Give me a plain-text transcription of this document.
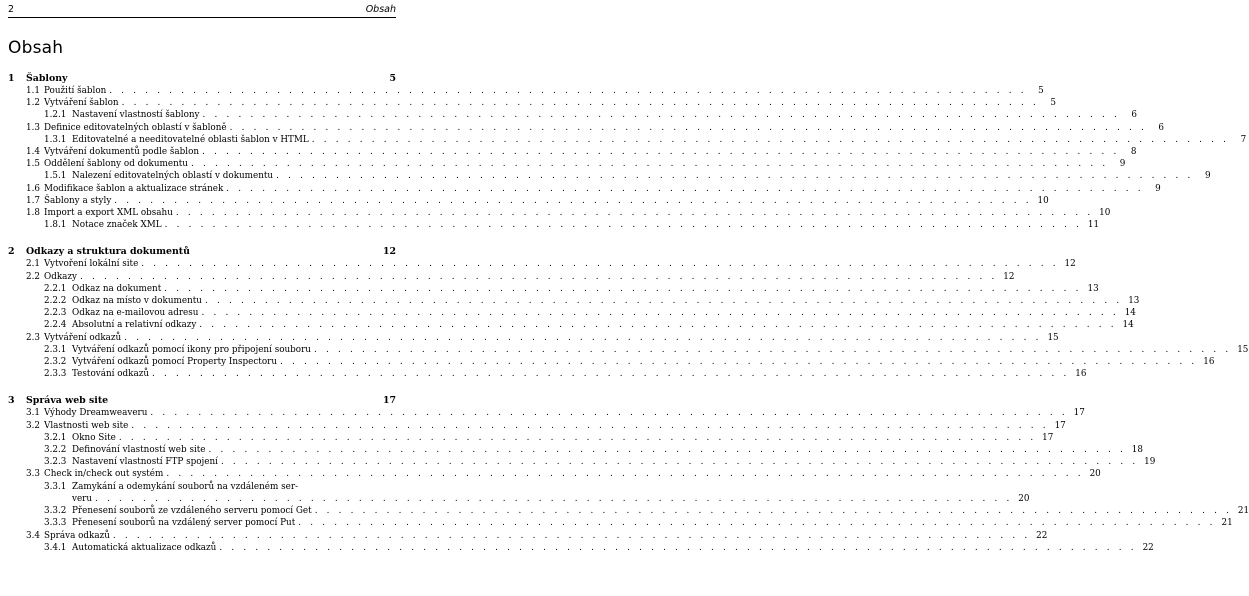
2	Obsah
Obsah
1	Šablony	5
1.1 Použití šablon . . .	5
1.2 Vytváření šablon . . .	5
1.2.1 Nastavení vlastností šablony . . .	6
1.3 Definice editovatelných oblastí v šabloně . . .	6
1.3.1 Editovatelné a needitovatelné oblasti šablon v HTML . . .	7
1.4 Vytváření dokumentů podle šablon . . .	8
1.5 Oddělení šablony od dokumentu . . .	9
1.5.1 Nalezení editovatelných oblastí v dokumentu . . .	9
1.6 Modifikace šablon a aktualizace stránek . . .	9
1.7 Šablony a styly . . .	10
1.8 Import a export XML obsahu . . .	10
1.8.1 Notace značek XML . . .	11
2	Odkazy a struktura dokumentů	12
2.1 Vytvoření lokální site . . .	12
2.2 Odkazy . . .	12
2.2.1 Odkaz na dokument . . .	13
2.2.2 Odkaz na místo v dokumentu . . .	13
2.2.3 Odkaz na e-mailovou adresu . . .	14
2.2.4 Absolutní a relativní odkazy . . .	14
2.3 Vytváření odkazů . . .	15
2.3.1 Vytváření odkazů pomocí ikony pro připojení souboru . . .	15
2.3.2 Vytváření odkazů pomocí Property Inspectoru . . .	16
2.3.3 Testování odkazů . . .	16
3	Správa web site	17
3.1 Výhody Dreamweaveru . . .	17
3.2 Vlastnosti web site . . .	17
3.2.1 Okno Site . . .	17
3.2.2 Definování vlastností web site . . .	18
3.2.3 Nastavení vlastností FTP spojení . . .	19
3.3 Check in/check out systém . . .	20
3.3.1 Zamykání a odemykání souborů na vzdáleném ser-
veru . . .	20
3.3.2 Přenesení souborů ze vzdáleného serveru pomocí Get . . .	21
3.3.3 Přenesení souborů na vzdálený server pomocí Put . . .	21
3.4 Správa odkazů . . .	22
3.4.1 Automatická aktualizace odkazů . . .	22
